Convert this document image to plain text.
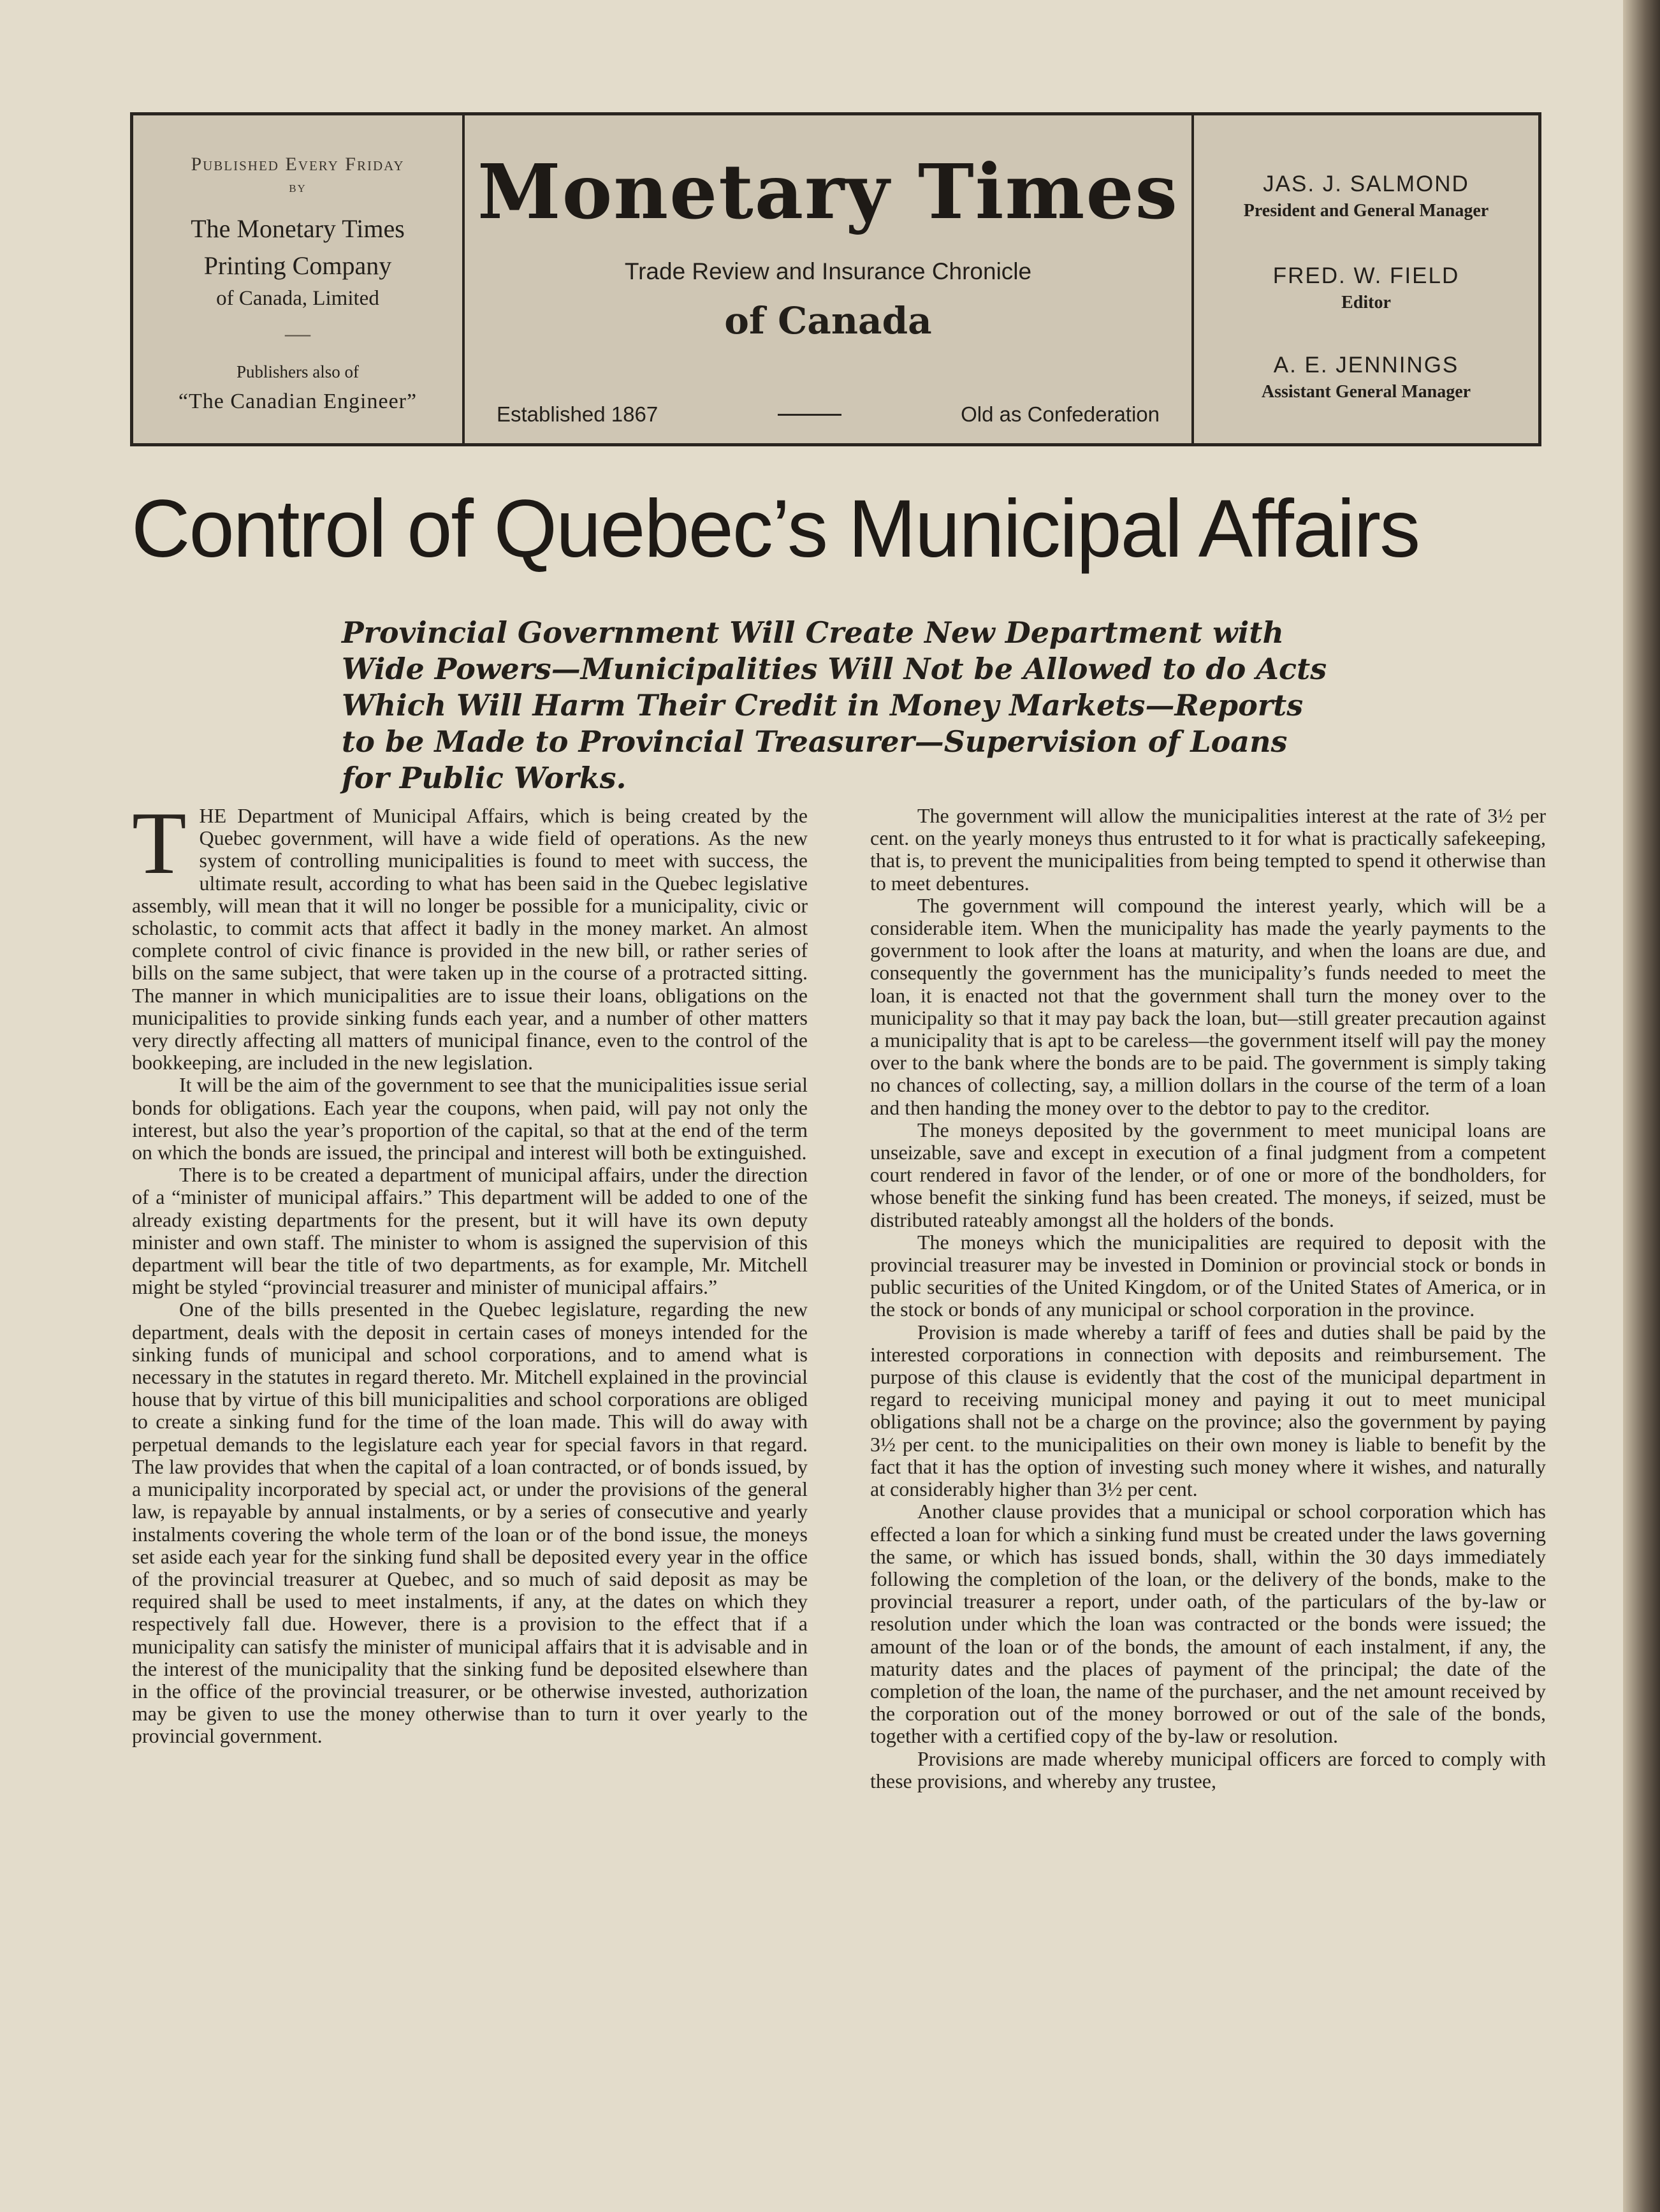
Published Every Friday
by
The Monetary Times
Printing Company
of Canada, Limited
—
Publishers also of
“The Canadian Engineer”
Monetary Times
Trade Review and Insurance Chronicle
of Canada
Established 1867	Old as Confederation
JAS. J. SALMOND
President and General Manager
FRED. W. FIELD
Editor
A. E. JENNINGS
Assistant General Manager
Control of Quebec’s Municipal Affairs
Provincial Government Will Create New Department with Wide Powers—Municipalities Will Not be Allowed to do Acts Which Will Harm Their Credit in Money Markets—Reports to be Made to Provincial Treasurer—Supervision of Loans for Public Works.

THE Department of Municipal Affairs, which is being created by the Quebec government, will have a wide field of operations. As the new system of controlling municipalities is found to meet with success, the ultimate result, according to what has been said in the Quebec legislative assembly, will mean that it will no longer be possible for a municipality, civic or scholastic, to commit acts that affect it badly in the money market. An almost complete control of civic finance is provided in the new bill, or rather series of bills on the same subject, that were taken up in the course of a protracted sitting. The manner in which municipalities are to issue their loans, obligations on the municipalities to provide sinking funds each year, and a number of other matters very directly affecting all matters of municipal finance, even to the control of the bookkeeping, are included in the new legislation.

It will be the aim of the government to see that the municipalities issue serial bonds for obligations. Each year the coupons, when paid, will pay not only the interest, but also the year’s proportion of the capital, so that at the end of the term on which the bonds are issued, the principal and interest will both be extinguished.

There is to be created a department of municipal affairs, under the direction of a “minister of municipal affairs.” This department will be added to one of the already existing departments for the present, but it will have its own deputy minister and own staff. The minister to whom is assigned the supervision of this department will bear the title of two departments, as for example, Mr. Mitchell might be styled “provincial treasurer and minister of municipal affairs.”

One of the bills presented in the Quebec legislature, regarding the new department, deals with the deposit in certain cases of moneys intended for the sinking funds of municipal and school corporations, and to amend what is necessary in the statutes in regard thereto. Mr. Mitchell explained in the provincial house that by virtue of this bill municipalities and school corporations are obliged to create a sinking fund for the time of the loan made. This will do away with perpetual demands to the legislature each year for special favors in that regard. The law provides that when the capital of a loan contracted, or of bonds issued, by a municipality incorporated by special act, or under the provisions of the general law, is repayable by annual instalments, or by a series of consecutive and yearly instalments covering the whole term of the loan or of the bond issue, the moneys set aside each year for the sinking fund shall be deposited every year in the office of the provincial treasurer at Quebec, and so much of said deposit as may be required shall be used to meet instalments, if any, at the dates on which they respectively fall due. However, there is a provision to the effect that if a municipality can satisfy the minister of municipal affairs that it is advisable and in the interest of the municipality that the sinking fund be deposited elsewhere than in the office of the provincial treasurer, or be otherwise invested, authorization may be given to use the money otherwise than to turn it over yearly to the provincial government.

The government will allow the municipalities interest at the rate of 3½ per cent. on the yearly moneys thus entrusted to it for what is practically safekeeping, that is, to prevent the municipalities from being tempted to spend it otherwise than to meet debentures.

The government will compound the interest yearly, which will be a considerable item. When the municipality has made the yearly payments to the government to look after the loans at maturity, and when the loans are due, and consequently the government has the municipality’s funds needed to meet the loan, it is enacted not that the government shall turn the money over to the municipality so that it may pay back the loan, but—still greater precaution against a municipality that is apt to be careless—the government itself will pay the money over to the bank where the bonds are to be paid. The government is simply taking no chances of collecting, say, a million dollars in the course of the term of a loan and then handing the money over to the debtor to pay to the creditor.

The moneys deposited by the government to meet municipal loans are unseizable, save and except in execution of a final judgment from a competent court rendered in favor of the lender, or of one or more of the bondholders, for whose benefit the sinking fund has been created. The moneys, if seized, must be distributed rateably amongst all the holders of the bonds.

The moneys which the municipalities are required to deposit with the provincial treasurer may be invested in Dominion or provincial stock or bonds in public securities of the United Kingdom, or of the United States of America, or in the stock or bonds of any municipal or school corporation in the province.

Provision is made whereby a tariff of fees and duties shall be paid by the interested corporations in connection with deposits and reimbursement. The purpose of this clause is evidently that the cost of the municipal department in regard to receiving municipal money and paying it out to meet municipal obligations shall not be a charge on the province; also the government by paying 3½ per cent. to the municipalities on their own money is liable to benefit by the fact that it has the option of investing such money where it wishes, and naturally at considerably higher than 3½ per cent.

Another clause provides that a municipal or school corporation which has effected a loan for which a sinking fund must be created under the laws governing the same, or which has issued bonds, shall, within the 30 days immediately following the completion of the loan, or the delivery of the bonds, make to the provincial treasurer a report, under oath, of the particulars of the by-law or resolution under which the loan was contracted or the bonds were issued; the amount of the loan or of the bonds, the amount of each instalment, if any, the maturity dates and the places of payment of the principal; the date of the completion of the loan, the name of the purchaser, and the net amount received by the corporation out of the money borrowed or out of the sale of the bonds, together with a certified copy of the by-law or resolution.

Provisions are made whereby municipal officers are forced to comply with these provisions, and whereby any trustee,
